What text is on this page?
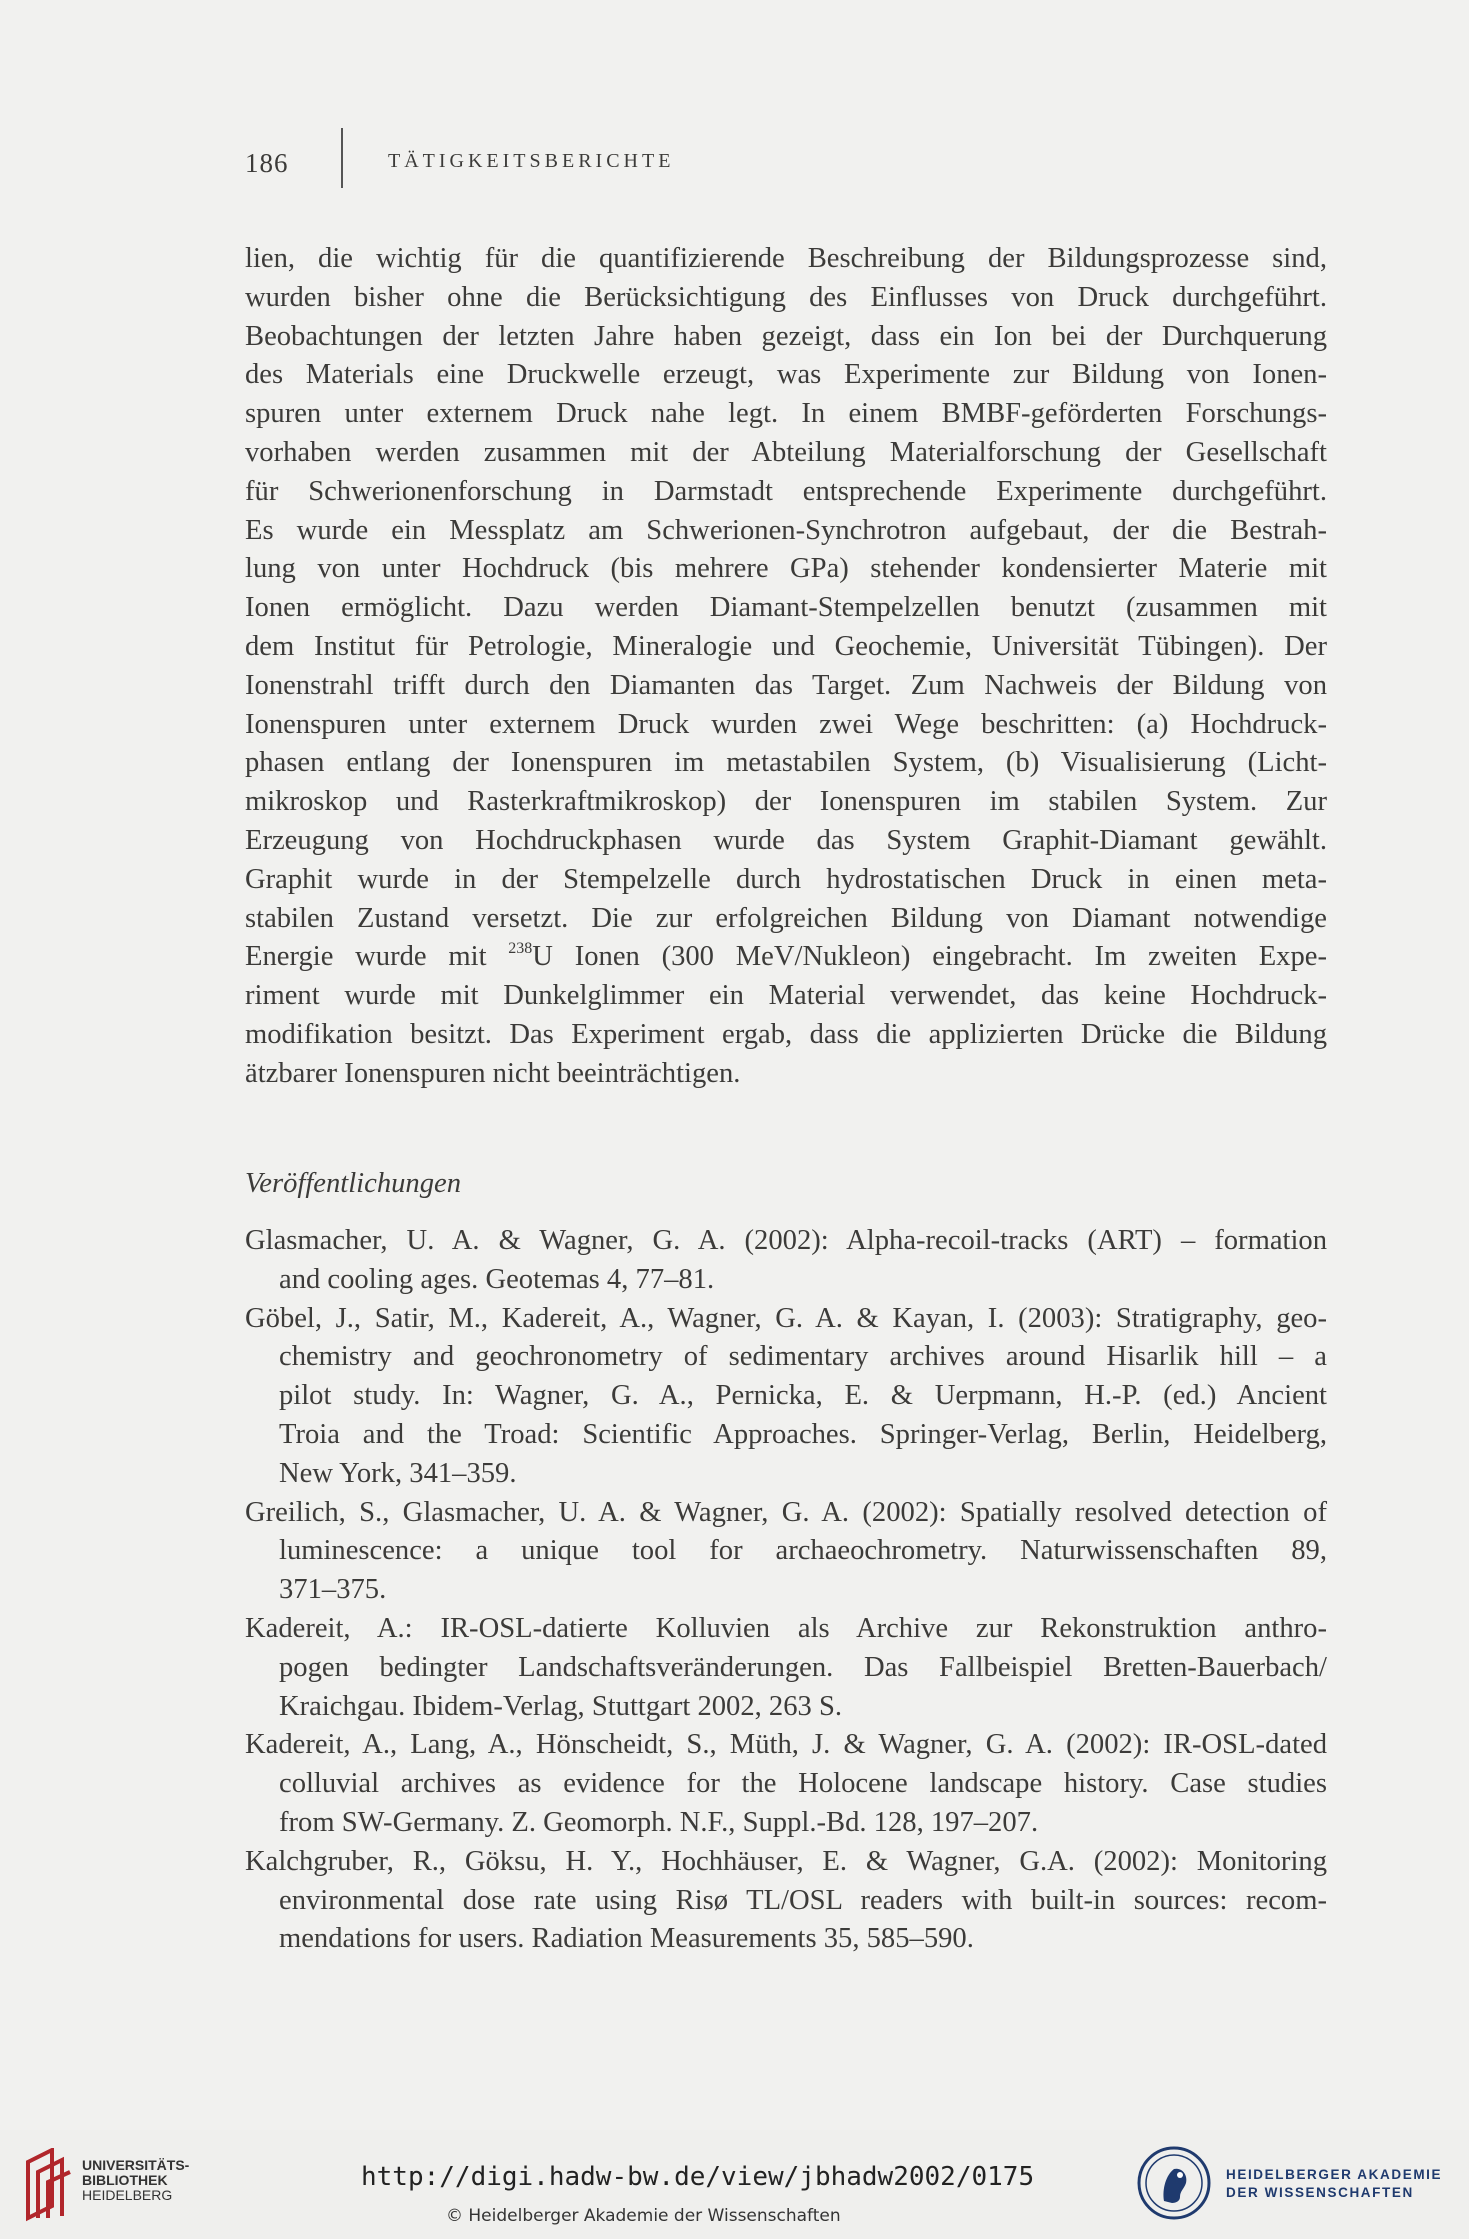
186	TÄTIGKEITSBERICHTE

lien, die wichtig für die quantifizierende Beschreibung der Bildungsprozesse sind,
wurden bisher ohne die Berücksichtigung des Einflusses von Druck durchgeführt.
Beobachtungen der letzten Jahre haben gezeigt, dass ein Ion bei der Durchquerung
des Materials eine Druckwelle erzeugt, was Experimente zur Bildung von Ionen-
spuren unter externem Druck nahe legt. In einem BMBF-geförderten Forschungs-
vorhaben werden zusammen mit der Abteilung Materialforschung der Gesellschaft
für Schwerionenforschung in Darmstadt entsprechende Experimente durchgeführt.
Es wurde ein Messplatz am Schwerionen-Synchrotron aufgebaut, der die Bestrah-
lung von unter Hochdruck (bis mehrere GPa) stehender kondensierter Materie mit
Ionen ermöglicht. Dazu werden Diamant-Stempelzellen benutzt (zusammen mit
dem Institut für Petrologie, Mineralogie und Geochemie, Universität Tübingen). Der
Ionenstrahl trifft durch den Diamanten das Target. Zum Nachweis der Bildung von
Ionenspuren unter externem Druck wurden zwei Wege beschritten: (a) Hochdruck-
phasen entlang der Ionenspuren im metastabilen System, (b) Visualisierung (Licht-
mikroskop und Rasterkraftmikroskop) der Ionenspuren im stabilen System. Zur
Erzeugung von Hochdruckphasen wurde das System Graphit-Diamant gewählt.
Graphit wurde in der Stempelzelle durch hydrostatischen Druck in einen meta-
stabilen Zustand versetzt. Die zur erfolgreichen Bildung von Diamant notwendige
Energie wurde mit $^{238}$U Ionen (300 MeV/Nukleon) eingebracht. Im zweiten Expe-
riment wurde mit Dunkelglimmer ein Material verwendet, das keine Hochdruck-
modifikation besitzt. Das Experiment ergab, dass die applizierten Drücke die Bildung
ätzbarer Ionenspuren nicht beeinträchtigen.

Veröffentlichungen

Glasmacher, U. A. & Wagner, G. A. (2002): Alpha-recoil-tracks (ART) – formation
and cooling ages. Geotemas 4, 77–81.

Göbel, J., Satir, M., Kadereit, A., Wagner, G. A. & Kayan, I. (2003): Stratigraphy, geo-
chemistry and geochronometry of sedimentary archives around Hisarlik hill – a
pilot study. In: Wagner, G. A., Pernicka, E. & Uerpmann, H.-P. (ed.) Ancient
Troia and the Troad: Scientific Approaches. Springer-Verlag, Berlin, Heidelberg,
New York, 341–359.

Greilich, S., Glasmacher, U. A. & Wagner, G. A. (2002): Spatially resolved detection of
luminescence: a unique tool for archaeochrometry. Naturwissenschaften 89,
371–375.

Kadereit, A.: IR-OSL-datierte Kolluvien als Archive zur Rekonstruktion anthro-
pogen bedingter Landschaftsveränderungen. Das Fallbeispiel Bretten-Bauerbach/
Kraichgau. Ibidem-Verlag, Stuttgart 2002, 263 S.

Kadereit, A., Lang, A., Hönscheidt, S., Müth, J. & Wagner, G. A. (2002): IR-OSL-dated
colluvial archives as evidence for the Holocene landscape history. Case studies
from SW-Germany. Z. Geomorph. N.F., Suppl.-Bd. 128, 197–207.

Kalchgruber, R., Göksu, H. Y., Hochhäuser, E. & Wagner, G.A. (2002): Monitoring
environmental dose rate using Risø TL/OSL readers with built-in sources: recom-
mendations for users. Radiation Measurements 35, 585–590.

UNIVERSITÄTS-
BIBLIOTHEK
HEIDELBERG
http://digi.hadw-bw.de/view/jbhadw2002/0175
© Heidelberger Akademie der Wissenschaften
HEIDELBERGER AKADEMIE
DER WISSENSCHAFTEN
